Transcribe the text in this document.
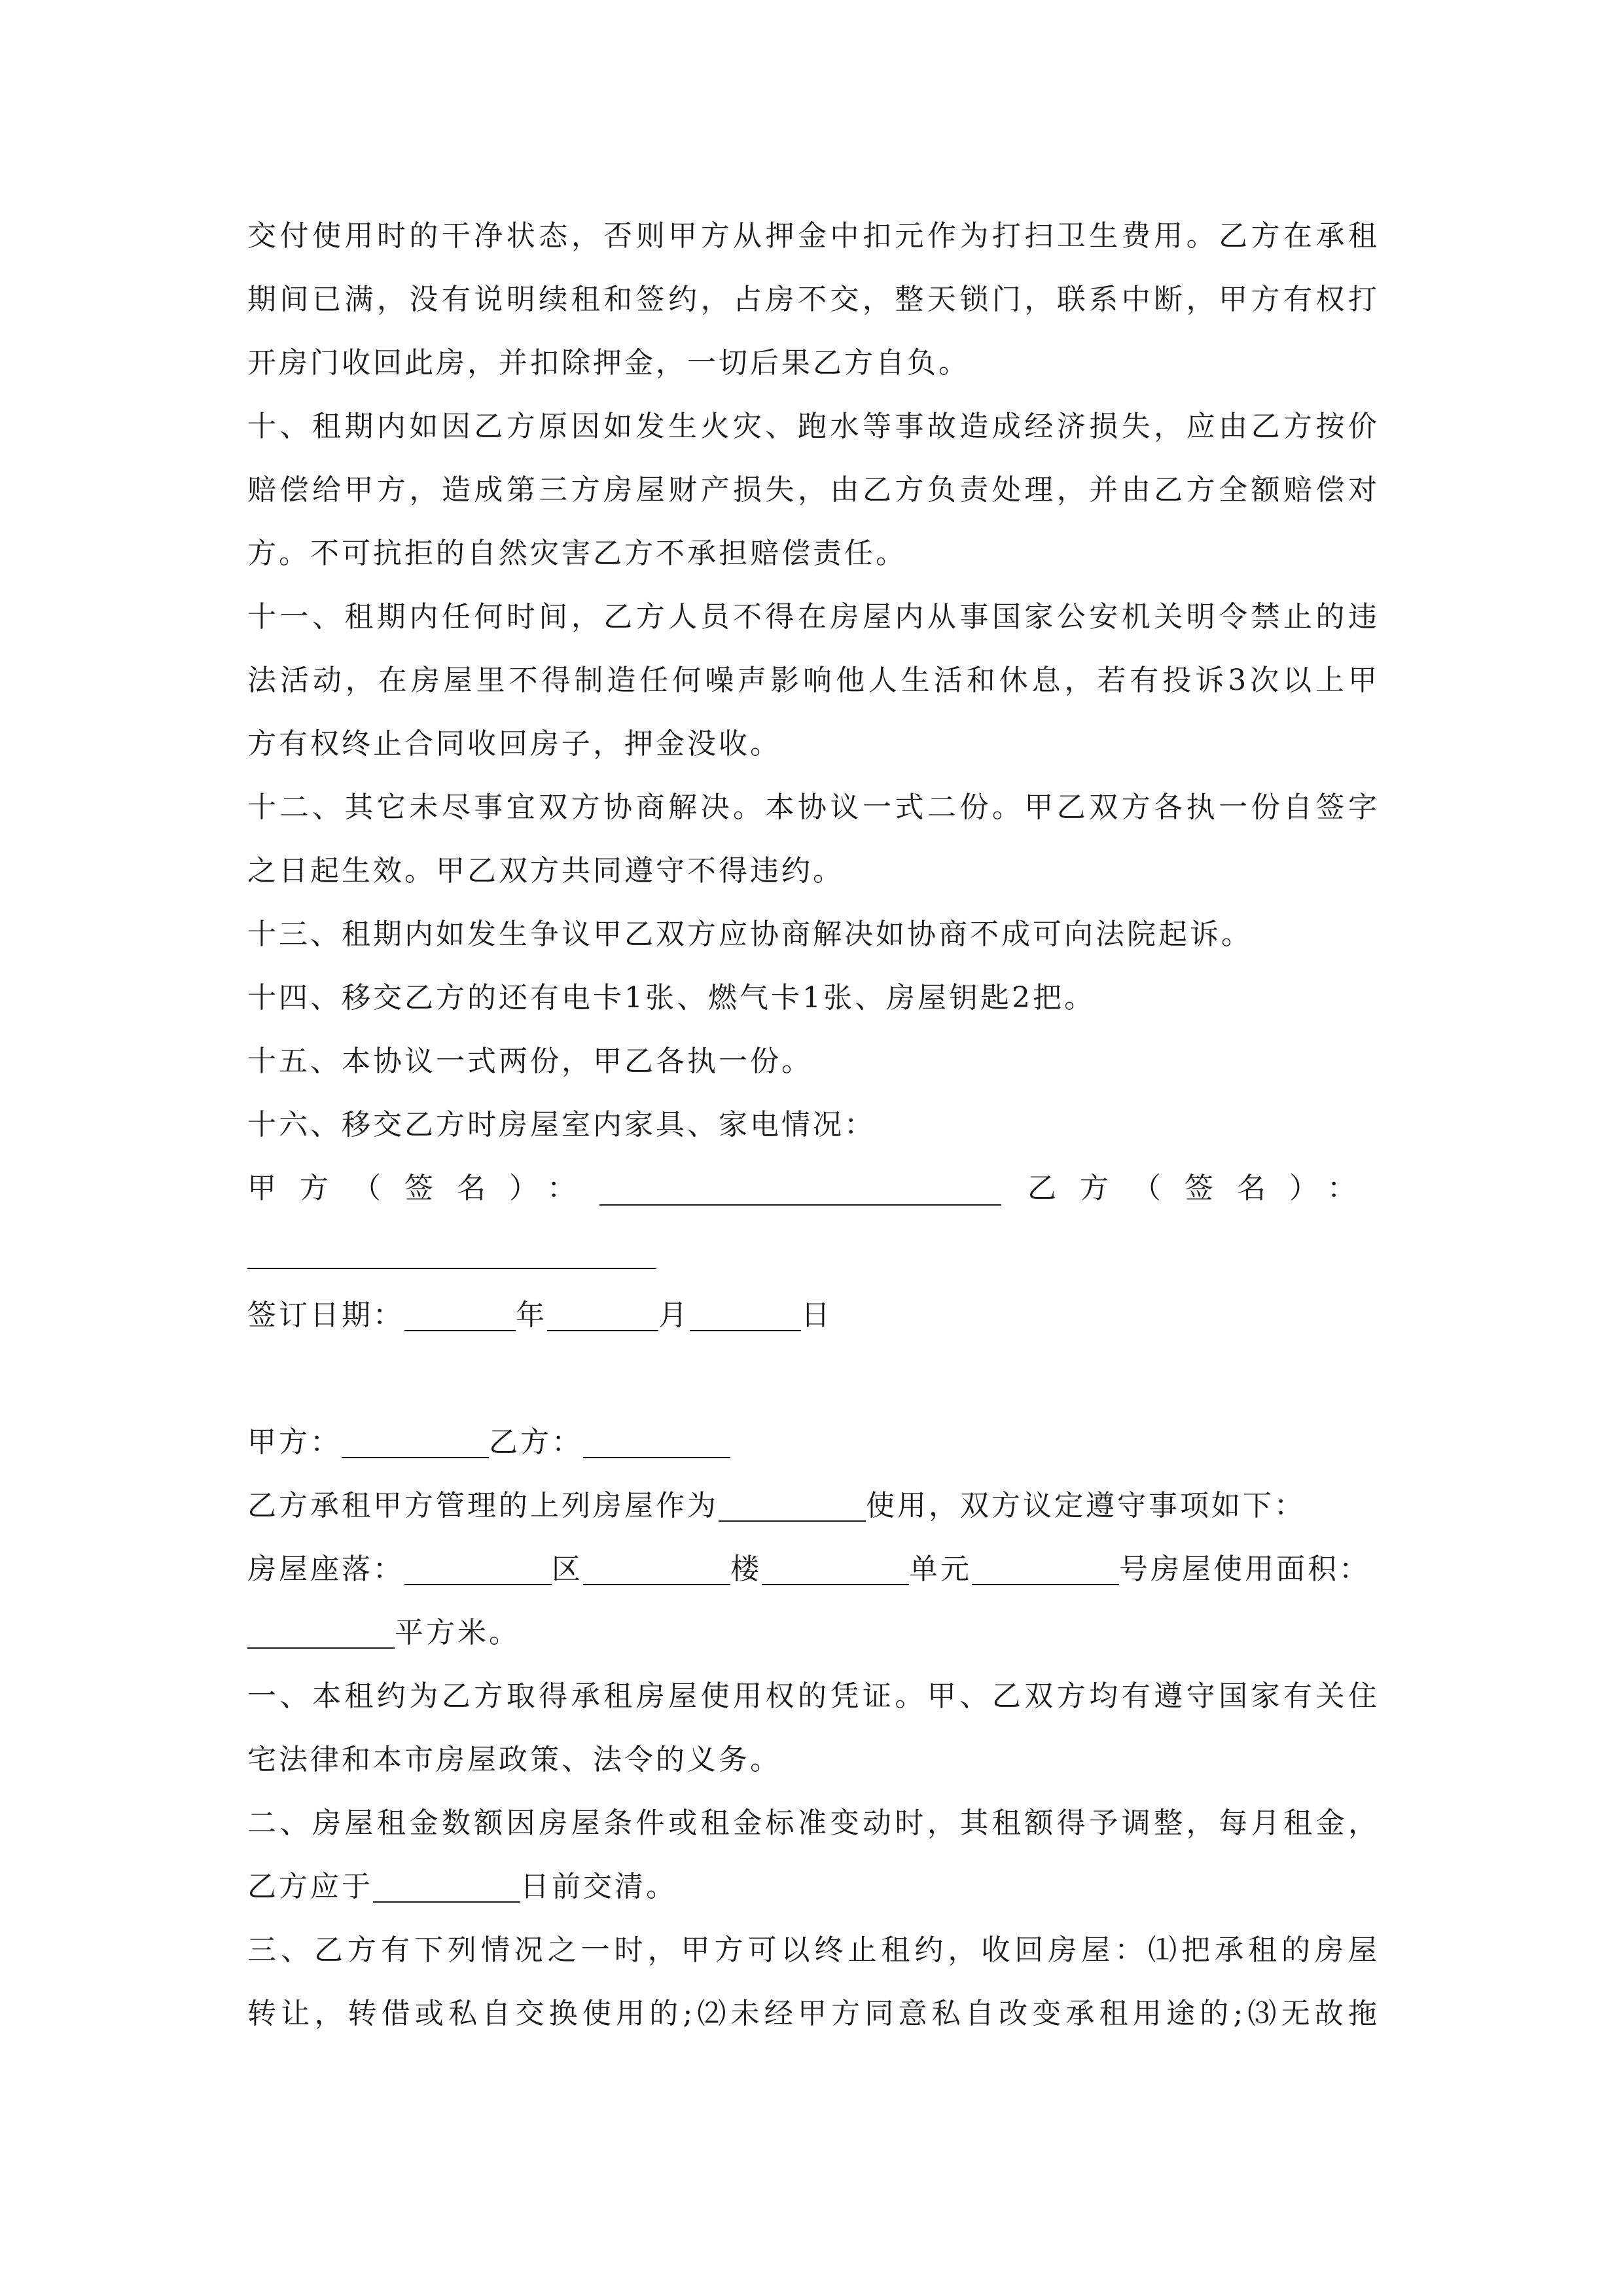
交付使用时的干净状态，否则甲方从押金中扣元作为打扫卫生费用。乙方在承租
期间已满，没有说明续租和签约，占房不交，整天锁门，联系中断，甲方有权打
开房门收回此房，并扣除押金，一切后果乙方自负。
十、租期内如因乙方原因如发生火灾、跑水等事故造成经济损失，应由乙方按价
赔偿给甲方，造成第三方房屋财产损失，由乙方负责处理，并由乙方全额赔偿对
方。不可抗拒的自然灾害乙方不承担赔偿责任。
十一、租期内任何时间，乙方人员不得在房屋内从事国家公安机关明令禁止的违
法活动，在房屋里不得制造任何噪声影响他人生活和休息，若有投诉3次以上甲
方有权终止合同收回房子，押金没收。
十二、其它未尽事宜双方协商解决。本协议一式二份。甲乙双方各执一份自签字
之日起生效。甲乙双方共同遵守不得违约。
十三、租期内如发生争议甲乙双方应协商解决如协商不成可向法院起诉。
十四、移交乙方的还有电卡1张、燃气卡1张、房屋钥匙2把。
十五、本协议一式两份，甲乙各执一份。
十六、移交乙方时房屋室内家具、家电情况：
甲方（签名）：	乙方（签名）：
签订日期：	年	月	日
甲方：	乙方：
乙方承租甲方管理的上列房屋作为	使用，双方议定遵守事项如下：
房屋座落：	区	楼	单元	号房屋使用面积：
平方米。
一、本租约为乙方取得承租房屋使用权的凭证。甲、乙双方均有遵守国家有关住
宅法律和本市房屋政策、法令的义务。
二、房屋租金数额因房屋条件或租金标准变动时，其租额得予调整，每月租金，
乙方应于	日前交清。
三、乙方有下列情况之一时，甲方可以终止租约，收回房屋：⑴把承租的房屋
转让，转借或私自交换使用的;⑵未经甲方同意私自改变承租用途的;⑶无故拖
